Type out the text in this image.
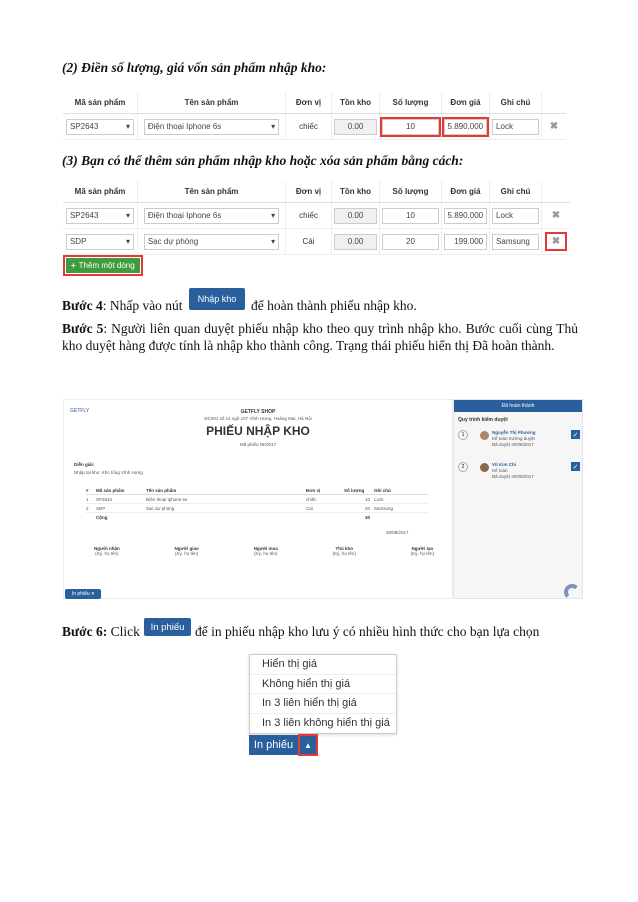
(2) Điền số lượng, giá vốn sản phẩm nhập kho:
Mã sản phẩm	Tên sản phẩm	Đơn vị	Tồn kho	Số lượng	Đơn giá	Ghi chú
SP2643	▾ Điện thoại Iphone 6s	▾	chiếc	0.00	10	5.890.000	Lock	✖
(3) Bạn có thể thêm sản phẩm nhập kho hoặc xóa sản phẩm bằng cách:
Mã sản phẩm	Tên sản phẩm	Đơn vị	Tồn kho	Số lượng	Đơn giá	Ghi chú
SP2643	▾ Điện thoại Iphone 6s	▾	chiếc	0.00	10	5.890.000	Lock	✖
SDP	▾ Sạc dự phòng	▾	Cái	0.00	20	199.000	Samsung	✖
+ Thêm một dòng
Bước 4: Nhấp vào nút	Nhập kho	để hoàn thành phiếu nhập kho.
Bước 5: Người liên quan duyệt phiếu nhập kho theo quy trình nhập kho. Bước cuối cùng Thủ kho duyệt hàng được tính là nhập kho thành công. Trạng thái phiếu hiển thị Đã hoàn thành.
GETFLY	GETFLY SHOP
ĐC001 số 14 ngõ 107 Vĩnh Hưng, Hoàng Mai, Hà Nội
PHIẾU NHẬP KHO
Mã phiếu NK0017
Diễn giải:
Nhập tại kho: Kho tổng Vĩnh Hưng
#	Mã sản phẩm	Tên sản phẩm	Đơn vị	Số lượng	Ghi chú
1	SP2643	Điện thoại Iphone 6s	chiếc	10 Lock
2	SDP	Sạc dự phòng	Cái	20 Samsung
Cộng	30
30/08/2017
Người nhận
(Ký, họ tên)
Người giao
(Ký, họ tên)
Người mua
(Ký, họ tên)
Thủ kho
(Ký, họ tên)
Người tạo
(Ký, họ tên)
In phiếu ▾
Đã hoàn thành
Quy trình kiểm duyệt
1	Nguyễn Thị Phương
Kế toán trưởng duyệt
Đã duyệt 30/08/2017
✓
2	Vũ Kim Chi
Kế toán
Đã duyệt 30/08/2017
✓
Bước 6: Click	In phiếu để in phiếu nhập kho lưu ý có nhiều hình thức cho bạn lựa chọn
Hiển thị giá
Không hiển thị giá
In 3 liên hiển thị giá
In 3 liên không hiển thị giá
In phiếu	▲
